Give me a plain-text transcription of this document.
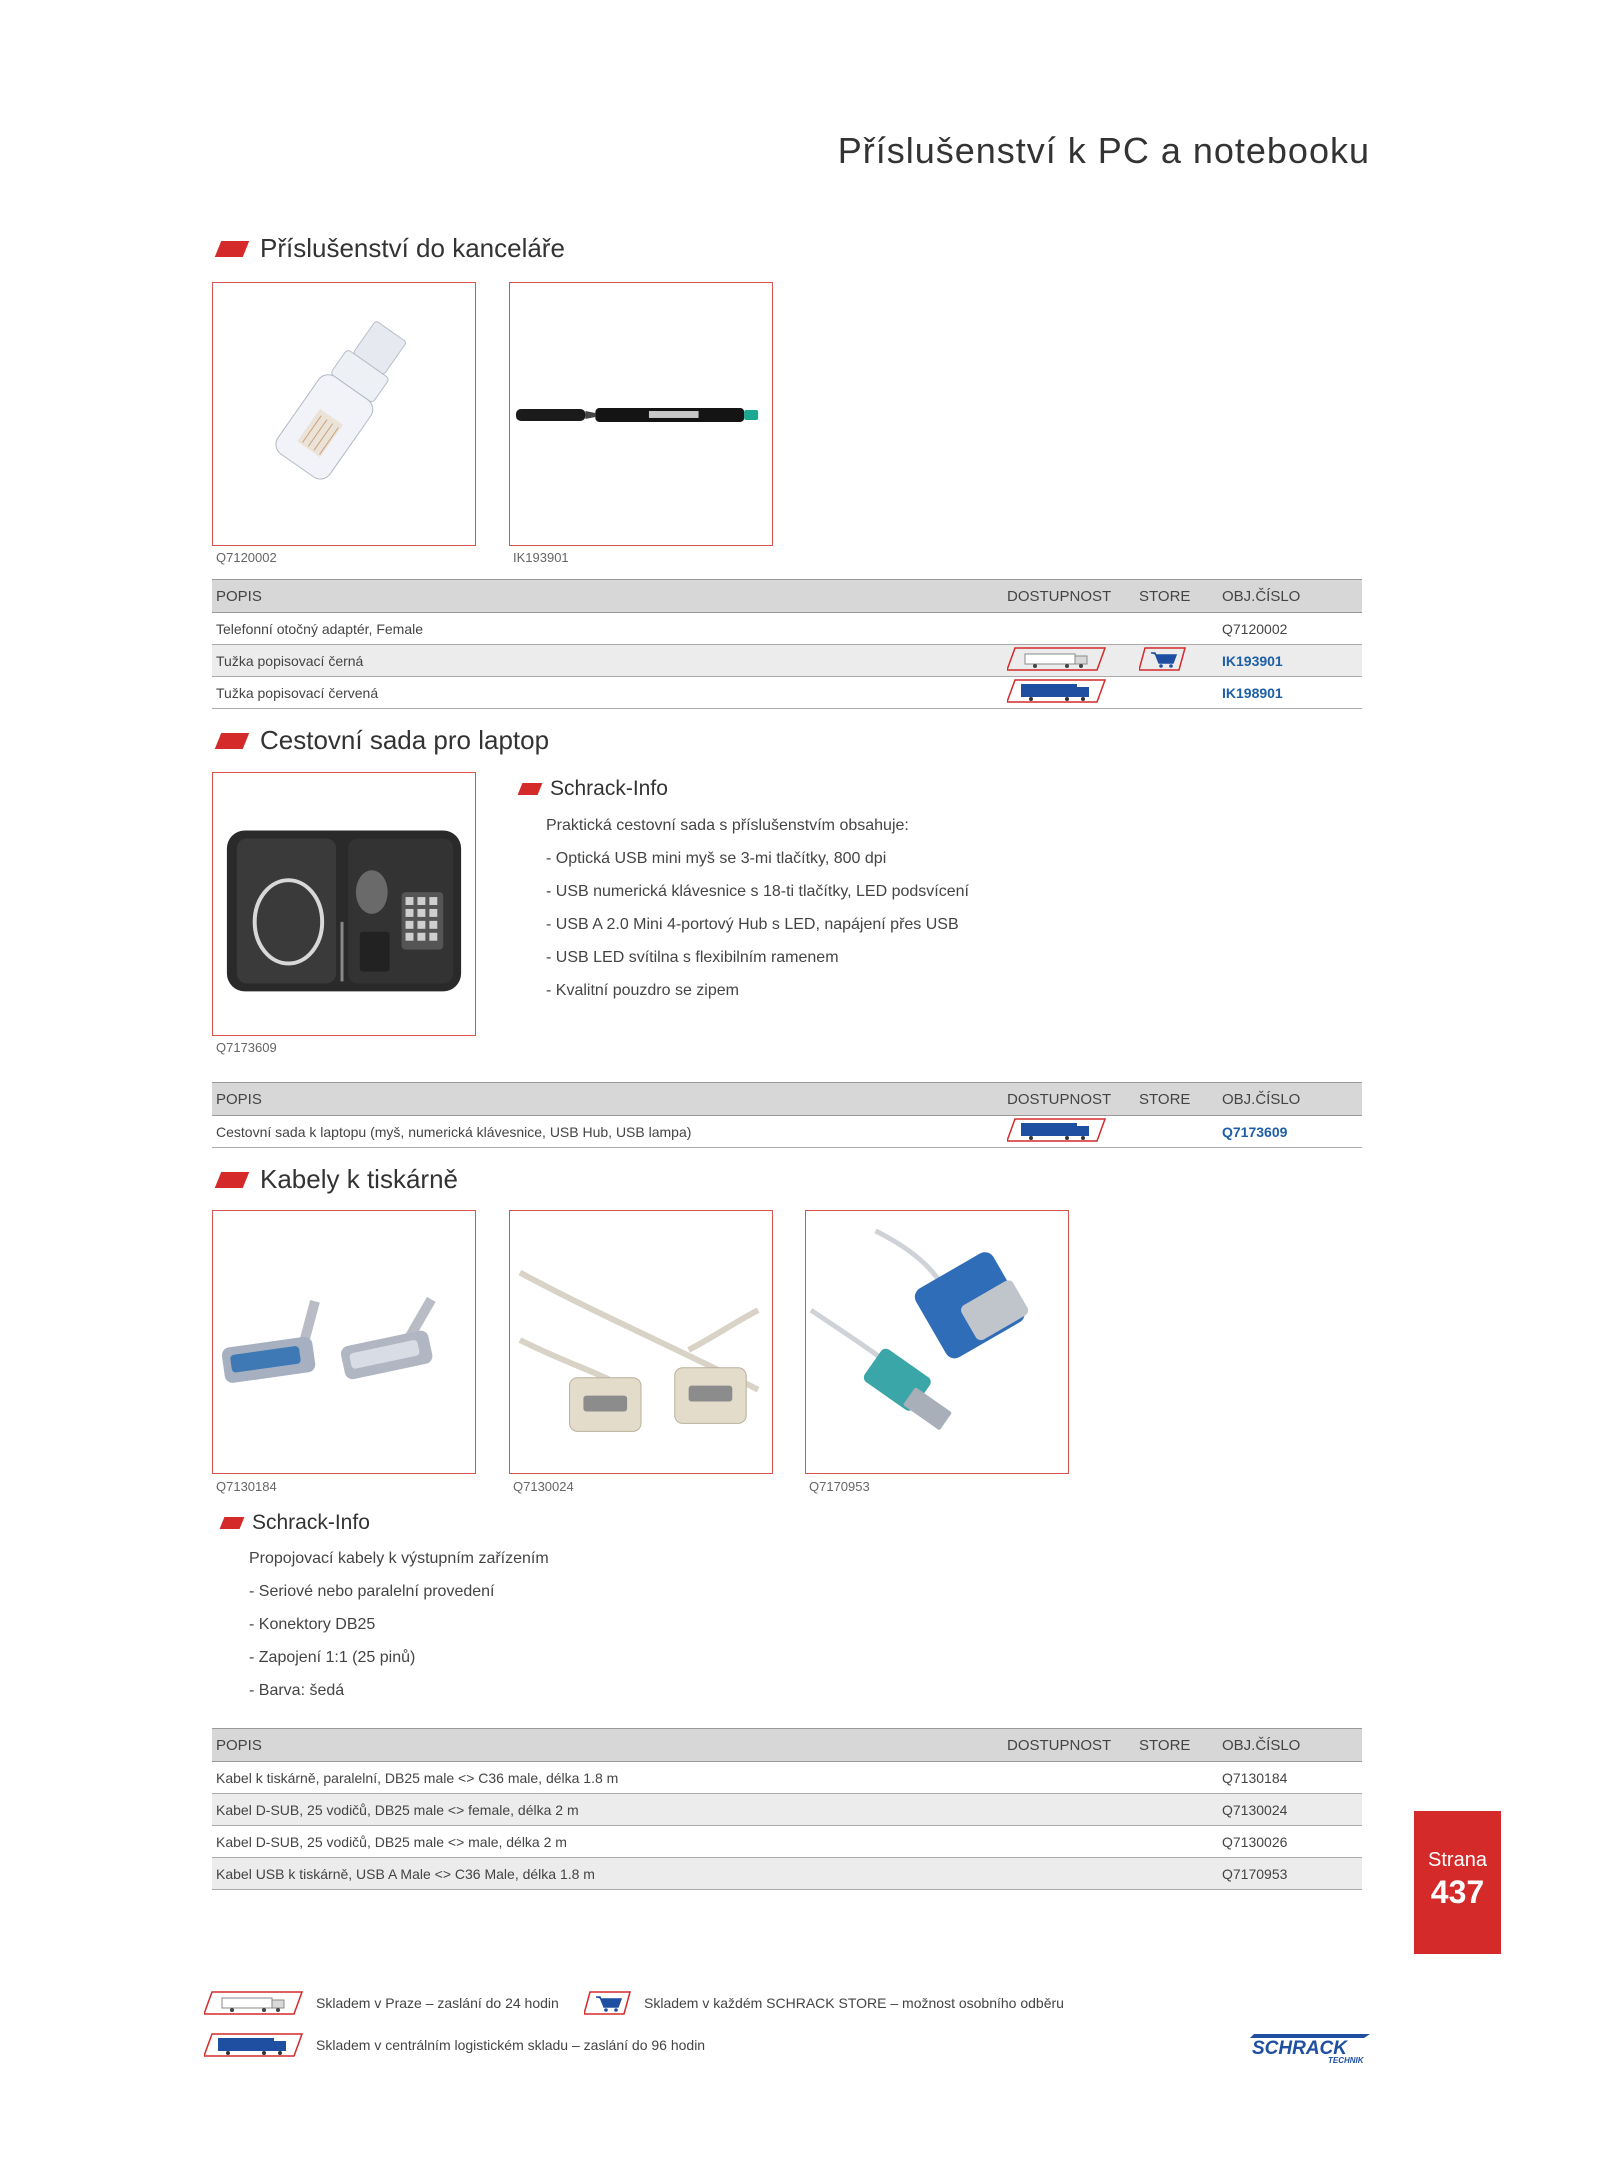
Příslušenství k PC a notebooku
Příslušenství do kanceláře
Q7120002	IK193901
POPIS	DOSTUPNOST	STORE	OBJ.ČÍSLO
Telefonní otočný adaptér, Female			Q7120002
Tužka popisovací černá			IK193901
Tužka popisovací červená			IK198901
Cestovní sada pro laptop
Q7173609
Schrack-Info
Praktická cestovní sada s příslušenstvím obsahuje:
- Optická USB mini myš se 3-mi tlačítky, 800 dpi
- USB numerická klávesnice s 18-ti tlačítky, LED podsvícení
- USB A 2.0 Mini 4-portový Hub s LED, napájení přes USB
- USB LED svítilna s flexibilním ramenem
- Kvalitní pouzdro se zipem
POPIS	DOSTUPNOST	STORE	OBJ.ČÍSLO
Cestovní sada k laptopu (myš, numerická klávesnice, USB Hub, USB lampa)			Q7173609
Kabely k tiskárně
Q7130184	Q7130024	Q7170953
Schrack-Info
Propojovací kabely k výstupním zařízením
- Seriové nebo paralelní provedení
- Konektory DB25
- Zapojení 1:1 (25 pinů)
- Barva: šedá
POPIS	DOSTUPNOST	STORE	OBJ.ČÍSLO
Kabel k tiskárně, paralelní, DB25 male <> C36 male, délka 1.8 m			Q7130184
Kabel D-SUB, 25 vodičů, DB25 male <> female, délka 2 m			Q7130024
Kabel D-SUB, 25 vodičů, DB25 male <> male, délka 2 m			Q7130026
Kabel USB k tiskárně, USB A Male <> C36 Male, délka 1.8 m			Q7170953
Strana
437
Skladem v Praze – zaslání do 24 hodin	Skladem v každém SCHRACK STORE – možnost osobního odběru
Skladem v centrálním logistickém skladu – zaslání do 96 hodin	SCHRACK
TECHNIK
